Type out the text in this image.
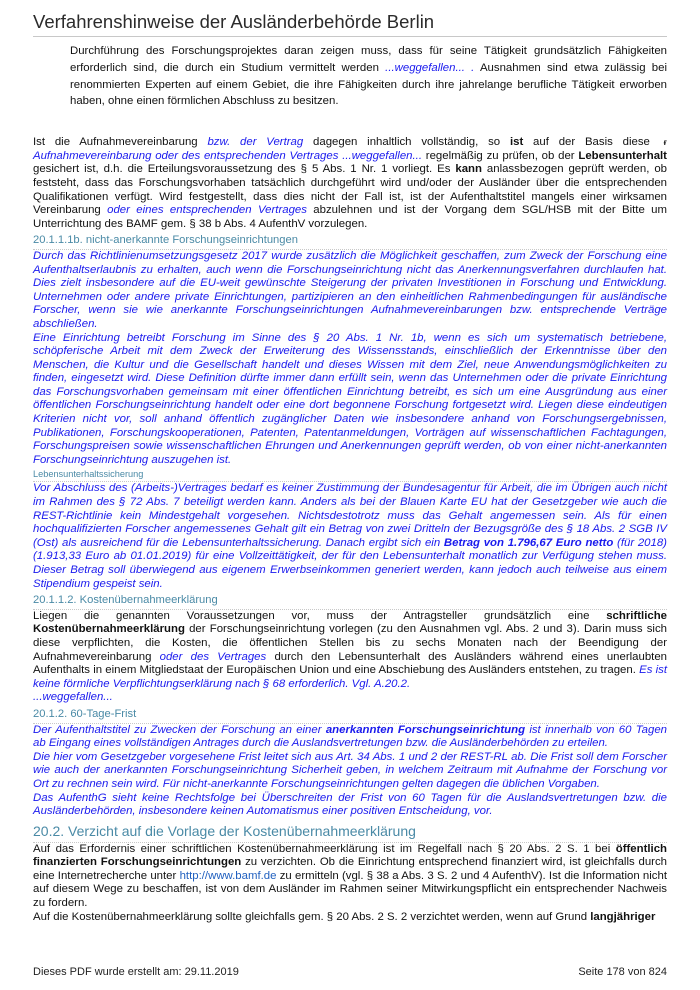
Verfahrenshinweise der Ausländerbehörde Berlin

Durchführung des Forschungsprojektes daran zeigen muss, dass für seine Tätigkeit grundsätzlich Fähigkeiten erforderlich sind, die durch ein Studium vermittelt werden ...weggefallen... . Ausnahmen sind etwa zulässig bei renommierten Experten auf einem Gebiet, die ihre Fähigkeiten durch ihre jahrelange berufliche Tätigkeit erworben haben, ohne einen förmlichen Abschluss zu besitzen.

Ist die Aufnahmevereinbarung bzw. der Vertrag dagegen inhaltlich vollständig, so ist auf der Basis diese ғ Aufnahmevereinbarung oder des entsprechenden Vertrages ...weggefallen... regelmäßig zu prüfen, ob der Lebensunterhalt gesichert ist, d.h. die Erteilungsvoraussetzung des § 5 Abs. 1 Nr. 1 vorliegt. Es kann anlassbezogen geprüft werden, ob feststeht, dass das Forschungsvorhaben tatsächlich durchgeführt wird und/oder der Ausländer über die entsprechenden Qualifikationen verfügt. Wird festgestellt, dass dies nicht der Fall ist, ist der Aufenthaltstitel mangels einer wirksamen Vereinbarung oder eines entsprechenden Vertrages abzulehnen und ist der Vorgang dem SGL/HSB mit der Bitte um Unterrichtung des BAMF gem. § 38 b Abs. 4 AufenthV vorzulegen.

20.1.1.1b. nicht-anerkannte Forschungseinrichtungen

Durch das Richtlinienumsetzungsgesetz 2017 wurde zusätzlich die Möglichkeit geschaffen, zum Zweck der Forschung eine Aufenthaltserlaubnis zu erhalten, auch wenn die Forschungseinrichtung nicht das Anerkennungsverfahren durchlaufen hat. Dies zielt insbesondere auf die EU-weit gewünschte Steigerung der privaten Investitionen in Forschung und Entwicklung. Unternehmen oder andere private Einrichtungen, partizipieren an den einheitlichen Rahmenbedingungen für ausländische Forscher, wenn sie wie anerkannte Forschungseinrichtungen Aufnahmevereinbarungen bzw. entsprechende Verträge abschließen.

Eine Einrichtung betreibt Forschung im Sinne des § 20 Abs. 1 Nr. 1b, wenn es sich um systematisch betriebene, schöpferische Arbeit mit dem Zweck der Erweiterung des Wissensstands, einschließlich der Erkenntnisse über den Menschen, die Kultur und die Gesellschaft handelt und dieses Wissen mit dem Ziel, neue Anwendungsmöglichkeiten zu finden, eingesetzt wird. Diese Definition dürfte immer dann erfüllt sein, wenn das Unternehmen oder die private Einrichtung das Forschungsvorhaben gemeinsam mit einer öffentlichen Einrichtung betreibt, es sich um eine Ausgründung aus einer öffentlichen Forschungseinrichtung handelt oder eine dort begonnene Forschung fortgesetzt wird. Liegen diese eindeutigen Kriterien nicht vor, soll anhand öffentlich zugänglicher Daten wie insbesondere anhand von Forschungsergebnissen, Publikationen, Forschungskooperationen, Patenten, Patentanmeldungen, Vorträgen auf wissenschaftlichen Fachtagungen, Forschungspreisen sowie wissenschaftlichen Ehrungen und Anerkennungen geprüft werden, ob von einer nicht-anerkannten Forschungseinrichtung auszugehen ist.

Lebensunterhaltssicherung

Vor Abschluss des (Arbeits-)Vertrages bedarf es keiner Zustimmung der Bundesagentur für Arbeit, die im Übrigen auch nicht im Rahmen des § 72 Abs. 7 beteiligt werden kann. Anders als bei der Blauen Karte EU hat der Gesetzgeber wie auch die REST-Richtlinie kein Mindestgehalt vorgesehen. Nichtsdestotrotz muss das Gehalt angemessen sein. Als für einen hochqualifizierten Forscher angemessenes Gehalt gilt ein Betrag von zwei Dritteln der Bezugsgröße des § 18 Abs. 2 SGB IV (Ost) als ausreichend für die Lebensunterhaltssicherung. Danach ergibt sich ein Betrag von 1.796,67 Euro netto (für 2018) (1.913,33 Euro ab 01.01.2019) für eine Vollzeittätigkeit, der für den Lebensunterhalt monatlich zur Verfügung stehen muss. Dieser Betrag soll überwiegend aus eigenem Erwerbseinkommen generiert werden, kann jedoch auch teilweise aus einem Stipendium gespeist sein.

20.1.1.2. Kostenübernahmeerklärung

Liegen die genannten Voraussetzungen vor, muss der Antragsteller grundsätzlich eine schriftliche Kostenübernahmeerklärung der Forschungseinrichtung vorlegen (zu den Ausnahmen vgl. Abs. 2 und 3). Darin muss sich diese verpflichten, die Kosten, die öffentlichen Stellen bis zu sechs Monaten nach der Beendigung der Aufnahmevereinbarung oder des Vertrages durch den Lebensunterhalt des Ausländers während eines unerlaubten Aufenthalts in einem Mitgliedstaat der Europäischen Union und eine Abschiebung des Ausländers entstehen, zu tragen. Es ist keine förmliche Verpflichtungserklärung nach § 68 erforderlich. Vgl. A.20.2.

...weggefallen...

20.1.2. 60-Tage-Frist

Der Aufenthaltstitel zu Zwecken der Forschung an einer anerkannten Forschungseinrichtung ist innerhalb von 60 Tagen ab Eingang eines vollständigen Antrages durch die Auslandsvertretungen bzw. die Ausländerbehörden zu erteilen.

Die hier vom Gesetzgeber vorgesehene Frist leitet sich aus Art. 34 Abs. 1 und 2 der REST-RL ab. Die Frist soll dem Forscher wie auch der anerkannten Forschungseinrichtung Sicherheit geben, in welchem Zeitraum mit Aufnahme der Forschung vor Ort zu rechnen sein wird. Für nicht-anerkannte Forschungseinrichtungen gelten dagegen die üblichen Vorgaben.

Das AufenthG sieht keine Rechtsfolge bei Überschreiten der Frist von 60 Tagen für die Auslandsvertretungen bzw. die Ausländerbehörden, insbesondere keinen Automatismus einer positiven Entscheidung, vor.

20.2. Verzicht auf die Vorlage der Kostenübernahmeerklärung

Auf das Erfordernis einer schriftlichen Kostenübernahmeerklärung ist im Regelfall nach § 20 Abs. 2 S. 1 bei öffentlich finanzierten Forschungseinrichtungen zu verzichten. Ob die Einrichtung entsprechend finanziert wird, ist gleichfalls durch eine Internetrecherche unter http://www.bamf.de zu ermitteln (vgl. § 38 a Abs. 3 S. 2 und 4 AufenthV). Ist die Information nicht auf diesem Wege zu beschaffen, ist von dem Ausländer im Rahmen seiner Mitwirkungspflicht ein entsprechender Nachweis zu fordern.

Auf die Kostenübernahmeerklärung sollte gleichfalls gem. § 20 Abs. 2 S. 2 verzichtet werden, wenn auf Grund langjähriger

Dieses PDF wurde erstellt am: 29.11.2019	Seite 178 von 824
